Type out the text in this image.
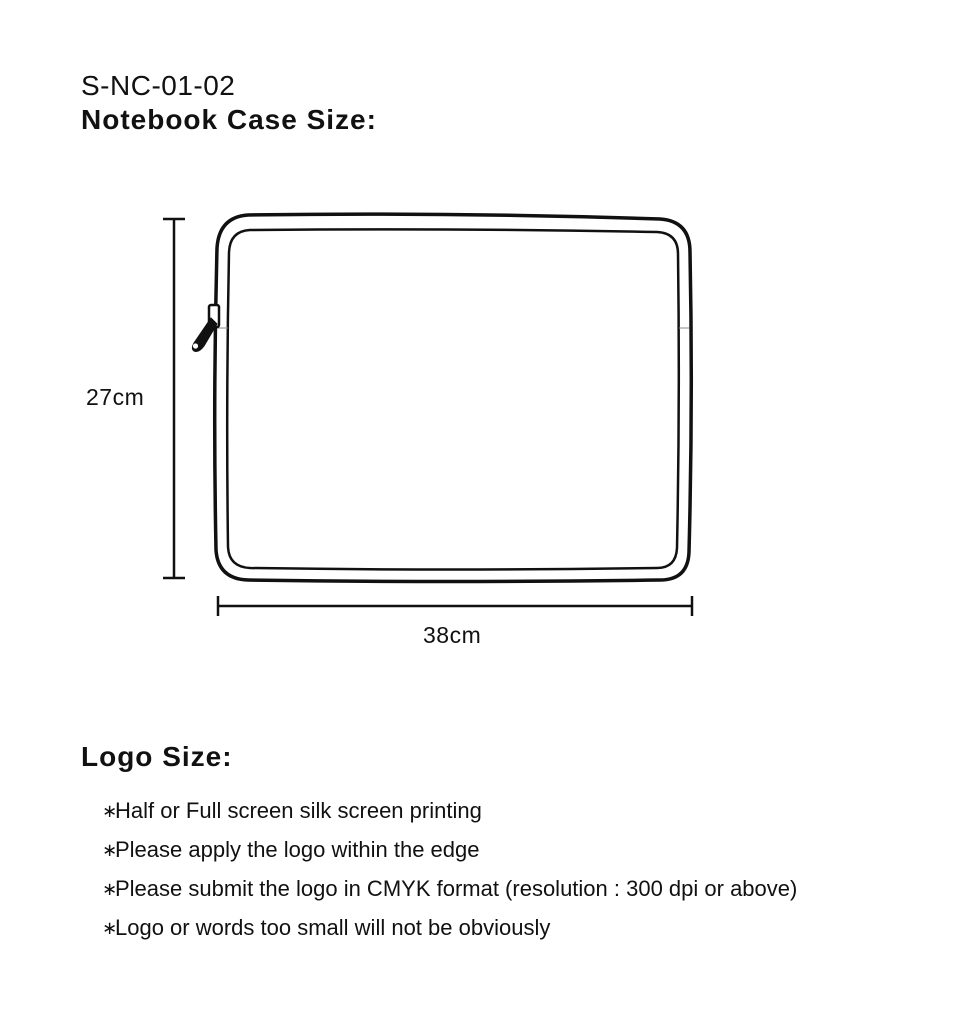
S-NC-01-02
Notebook Case Size:
27cm
38cm
Logo Size:
∗Half or Full screen silk screen printing
∗Please apply the logo within the edge
∗Please submit the logo in CMYK format (resolution : 300 dpi or above)
∗Logo or words too small will not be obviously
